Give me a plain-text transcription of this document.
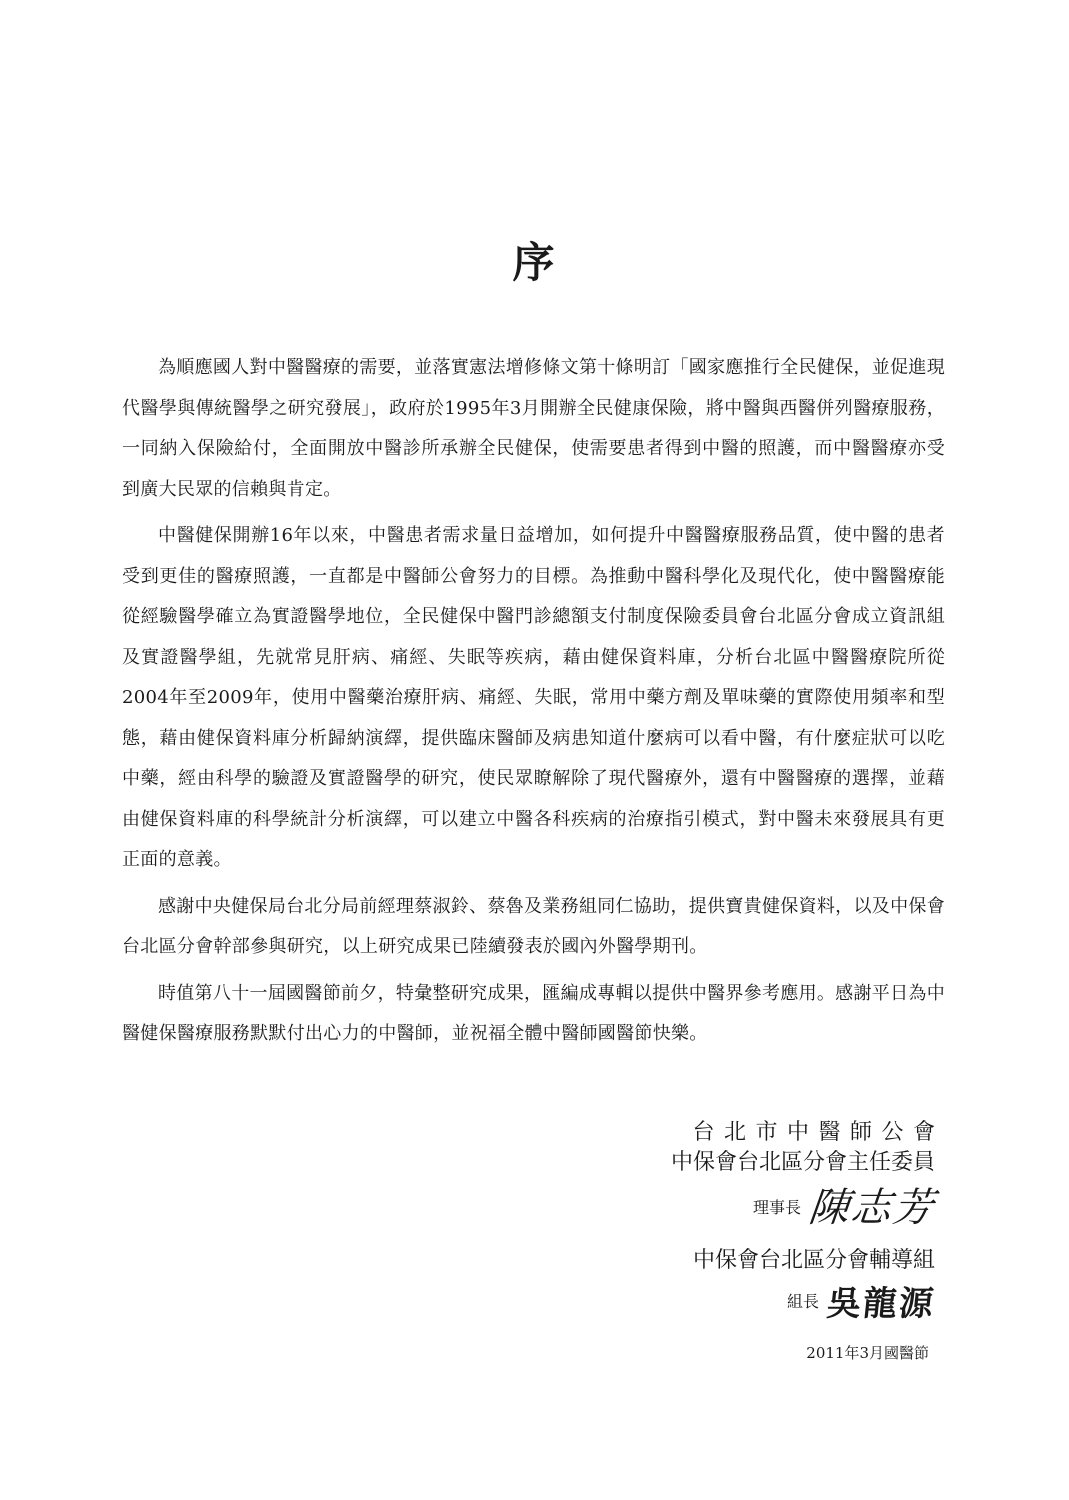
序

為順應國人對中醫醫療的需要，並落實憲法增修條文第十條明訂「國家應推行全民健保，並促進現代醫學與傳統醫學之研究發展」，政府於1995年3月開辦全民健康保險，將中醫與西醫併列醫療服務，一同納入保險給付，全面開放中醫診所承辦全民健保，使需要患者得到中醫的照護，而中醫醫療亦受到廣大民眾的信賴與肯定。

中醫健保開辦16年以來，中醫患者需求量日益增加，如何提升中醫醫療服務品質，使中醫的患者受到更佳的醫療照護，一直都是中醫師公會努力的目標。為推動中醫科學化及現代化，使中醫醫療能從經驗醫學確立為實證醫學地位，全民健保中醫門診總額支付制度保險委員會台北區分會成立資訊組及實證醫學組，先就常見肝病、痛經、失眠等疾病，藉由健保資料庫，分析台北區中醫醫療院所從2004年至2009年，使用中醫藥治療肝病、痛經、失眠，常用中藥方劑及單味藥的實際使用頻率和型態，藉由健保資料庫分析歸納演繹，提供臨床醫師及病患知道什麼病可以看中醫，有什麼症狀可以吃中藥，經由科學的驗證及實證醫學的研究，使民眾瞭解除了現代醫療外，還有中醫醫療的選擇，並藉由健保資料庫的科學統計分析演繹，可以建立中醫各科疾病的治療指引模式，對中醫未來發展具有更正面的意義。

感謝中央健保局台北分局前經理蔡淑鈴、蔡魯及業務組同仁協助，提供寶貴健保資料，以及中保會台北區分會幹部參與研究，以上研究成果已陸續發表於國內外醫學期刊。

時值第八十一屆國醫節前夕，特彙整研究成果，匯編成專輯以提供中醫界參考應用。感謝平日為中醫健保醫療服務默默付出心力的中醫師，並祝福全體中醫師國醫節快樂。

台北市中醫師公會
中保會台北區分會主任委員
理事長 陳志芳
中保會台北區分會輔導組
組長 吳龍源
2011年3月國醫節
